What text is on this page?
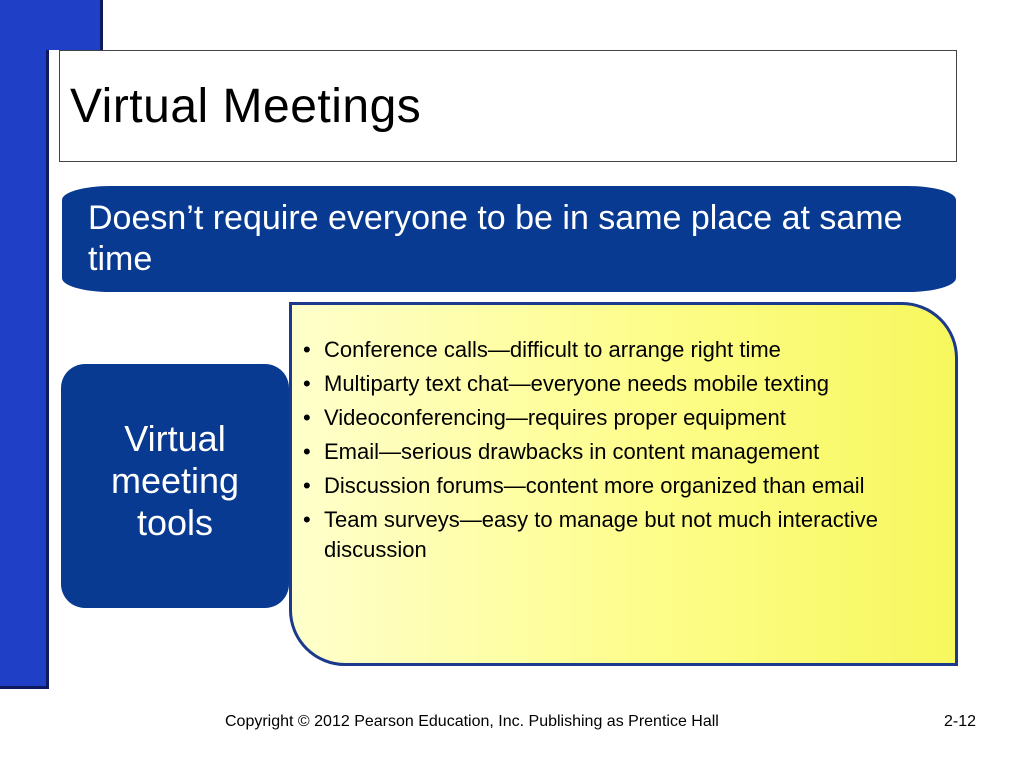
Virtual Meetings

Doesn’t require everyone to be in same place at same time

Virtual meeting tools
• Conference calls—difficult to arrange right time
• Multiparty text chat—everyone needs mobile texting
• Videoconferencing—requires proper equipment
• Email—serious drawbacks in content management
• Discussion forums—content more organized than email
• Team surveys—easy to manage but not much interactive discussion

Copyright © 2012 Pearson Education, Inc. Publishing as Prentice Hall	2-12
